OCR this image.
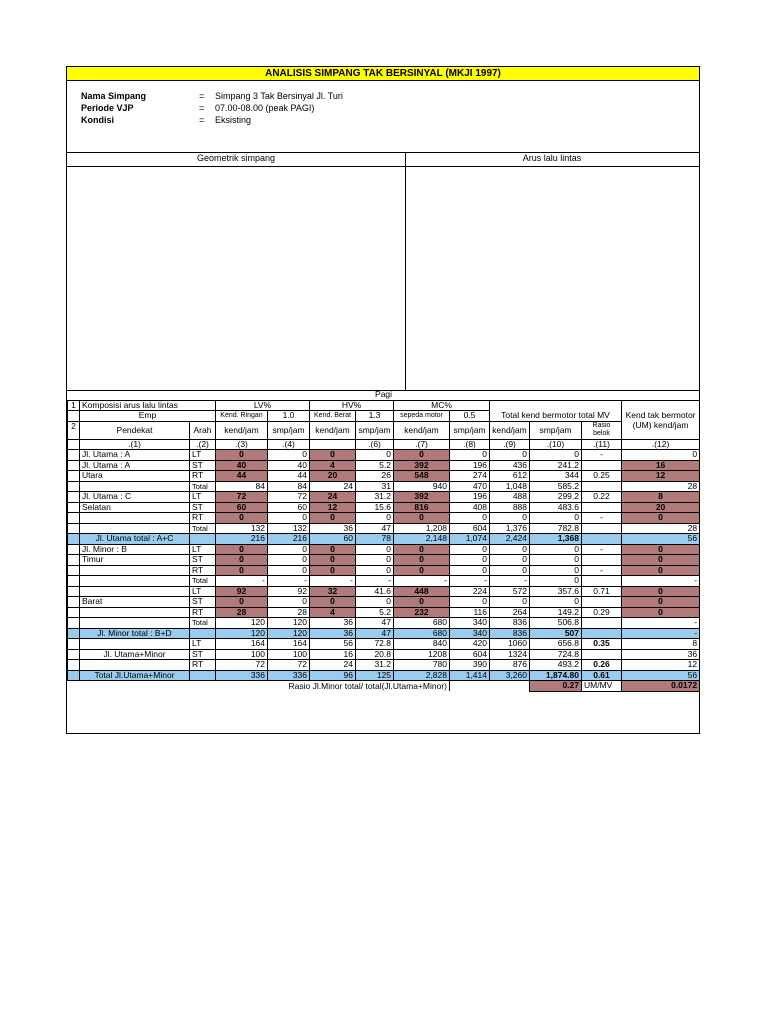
ANALISIS SIMPANG TAK BERSINYAL (MKJI 1997)
Nama Simpang	= Simpang 3 Tak Bersinyal Jl. Turi
Periode VJP	= 07.00-08.00 (peak PAGI)
Kondisi	= Eksisting
Geometrik simpang	Arus lalu lintas
Pagi												
1	Komposisi arus lalu lintas		LV%		HV%		MC%					Kend tak bermotor (UM) kend/jam
	Emp		Kend. Ringan	1.0	Kend. Berat	1.3	sepeda motor	0.5	Total kend bermotor total MV			
2	Pendekat	Arah	kend/jam	smp/jam	kend/jam	smp/jam	kend/jam	smp/jam	kend/jam	smp/jam	Rasio belok	
	.(1)	.(2)	.(3)	.(4)		.(6)	.(7)	.(8)	.(9)	.(10)	.(11)	.(12)
	Jl. Utama : A	LT	0	0	0	0	0	0	0	0	-	0
	Jl. Utama : A	ST	40	40	4	5.2	392	196	436	241.2		16
	Utara	RT	44	44	20	26	548	274	612	344	0.25	12
		Total	84	84	24	31	940	470	1,048	585.2		28
	Jl. Utama : C	LT	72	72	24	31.2	392	196	488	299.2	0.22	8
	Selatan	ST	60	60	12	15.6	816	408	888	483.6		20
		RT	0	0	0	0	0	0	0	0	-	0
		Total	132	132	36	47	1,208	604	1,376	782.8		28
	Jl. Utama total : A+C		216	216	60	78	2,148	1,074	2,424	1,368		56
	Jl. Minor : B	LT	0	0	0	0	0	0	0	0	-	0
	Timur	ST	0	0	0	0	0	0	0	0		0
		RT	0	0	0	0	0	0	0	0	-	0
		Total	-	-	-	-	-	-	-	0		-
		LT	92	92	32	41.6	448	224	572	357.6	0.71	0
	Barat	ST	0	0	0	0	0	0	0	0		0
		RT	28	28	4	5.2	232	116	264	149.2	0.29	0
		Total	120	120	36	47	680	340	836	506.8		-
	Jl. Minor total : B+D		120	120	36	47	680	340	836	507		-
		LT	164	164	56	72.8	840	420	1060	656.8	0.35	8
	Jl. Utama+Minor	ST	100	100	16	20.8	1208	604	1324	724.8		36
		RT	72	72	24	31.2	780	390	876	493.2	0.26	12
	Total Jl.Utama+Minor		336	336	96	125	2,828	1,414	3,260	1,874.80	0.61	56
Rasio Jl.Minor total/ total(Jl.Utama+Minor)										0.27	UM/MV	0.0172
